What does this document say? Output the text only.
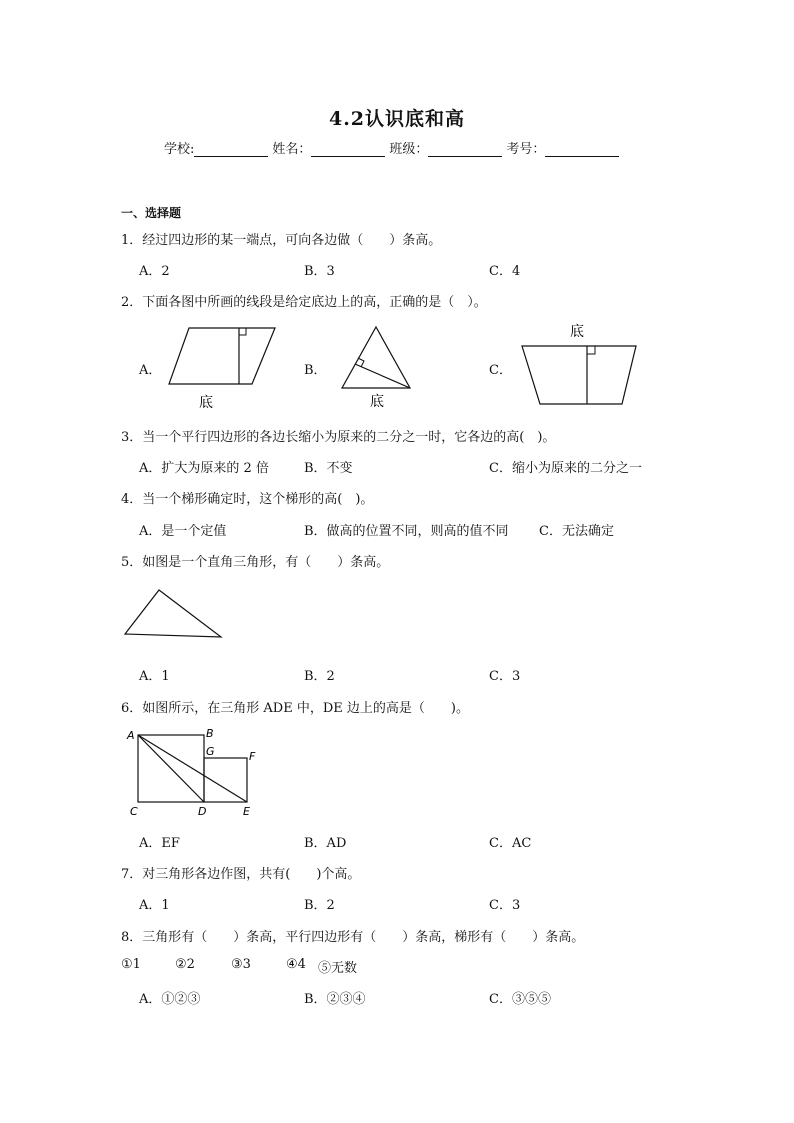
4.2认识底和高
学校:	姓名：	班级：	考号：
一、选择题
1．经过四边形的某一端点，可向各边做（　　）条高。
A．2	B．3	C．4
2．下面各图中所画的线段是给定底边上的高，正确的是（　）。
A．	B．	C．
底	底
底
3．当一个平行四边形的各边长缩小为原来的二分之一时，它各边的高(　)。
A．扩大为原来的 2 倍	B．不变	C．缩小为原来的二分之一
4．当一个梯形确定时，这个梯形的高(　)。
A．是一个定值	B．做高的位置不同，则高的值不同 C．无法确定
5．如图是一个直角三角形，有（　　）条高。
A．1	B．2	C．3
6．如图所示，在三角形 ADE 中，DE 边上的高是（　　)。
A	B
G	F
C	D	E
A．EF	B．AD	C．AC
7．对三角形各边作图，共有(　　)个高。
A．1	B．2	C．3
8．三角形有（　　）条高，平行四边形有（　　）条高，梯形有（　　）条高。
①1	②2	③3	④4 ⑤无数
A．①②③	B．②③④	C．③⑤⑤
